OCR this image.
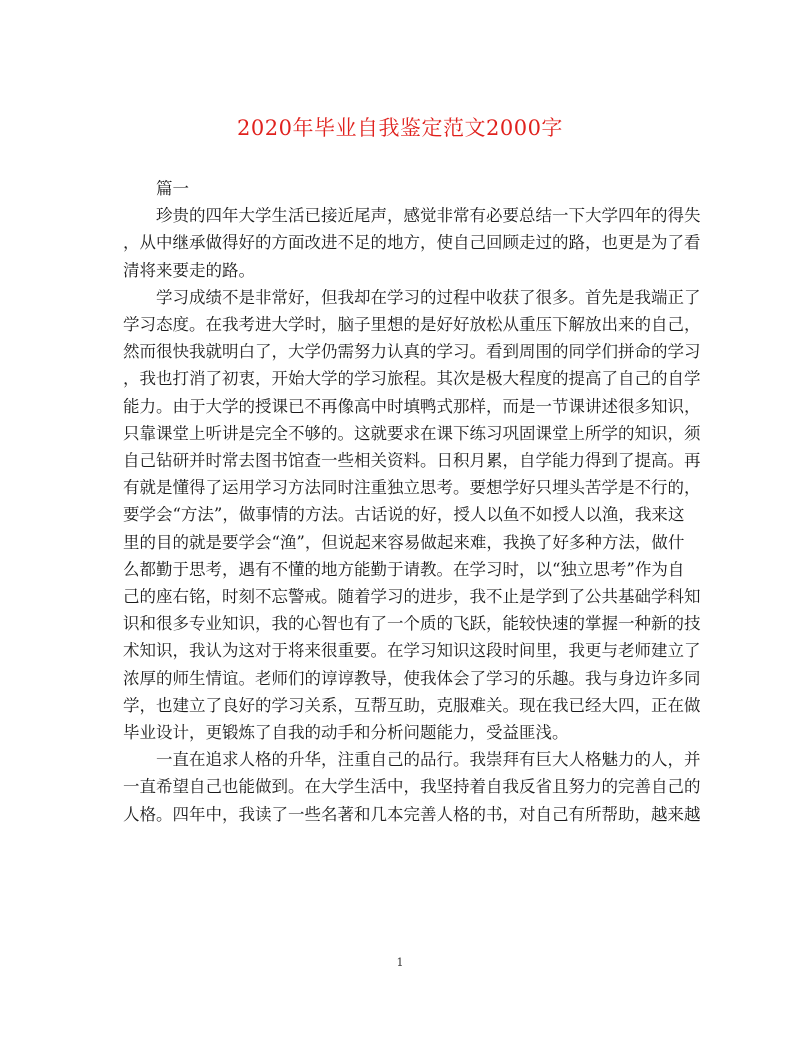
2020年毕业自我鉴定范文2000字

篇一

珍贵的四年大学生活已接近尾声，感觉非常有必要总结一下大学四年的得失
，从中继承做得好的方面改进不足的地方，使自己回顾走过的路，也更是为了看
清将来要走的路。

学习成绩不是非常好，但我却在学习的过程中收获了很多。首先是我端正了
学习态度。在我考进大学时，脑子里想的是好好放松从重压下解放出来的自己，
然而很快我就明白了，大学仍需努力认真的学习。看到周围的同学们拼命的学习
，我也打消了初衷，开始大学的学习旅程。其次是极大程度的提高了自己的自学
能力。由于大学的授课已不再像高中时填鸭式那样，而是一节课讲述很多知识，
只靠课堂上听讲是完全不够的。这就要求在课下练习巩固课堂上所学的知识，须
自己钻研并时常去图书馆查一些相关资料。日积月累，自学能力得到了提高。再
有就是懂得了运用学习方法同时注重独立思考。要想学好只埋头苦学是不行的，
要学会“方法”，做事情的方法。古话说的好，授人以鱼不如授人以渔，我来这
里的目的就是要学会“渔”，但说起来容易做起来难，我换了好多种方法，做什
么都勤于思考，遇有不懂的地方能勤于请教。在学习时，以“独立思考”作为自
己的座右铭，时刻不忘警戒。随着学习的进步，我不止是学到了公共基础学科知
识和很多专业知识，我的心智也有了一个质的飞跃，能较快速的掌握一种新的技
术知识，我认为这对于将来很重要。在学习知识这段时间里，我更与老师建立了
浓厚的师生情谊。老师们的谆谆教导，使我体会了学习的乐趣。我与身边许多同
学，也建立了良好的学习关系，互帮互助，克服难关。现在我已经大四，正在做
毕业设计，更锻炼了自我的动手和分析问题能力，受益匪浅。

一直在追求人格的升华，注重自己的品行。我崇拜有巨大人格魅力的人，并
一直希望自己也能做到。在大学生活中，我坚持着自我反省且努力的完善自己的
人格。四年中，我读了一些名著和几本完善人格的书，对自己有所帮助，越来越

1
